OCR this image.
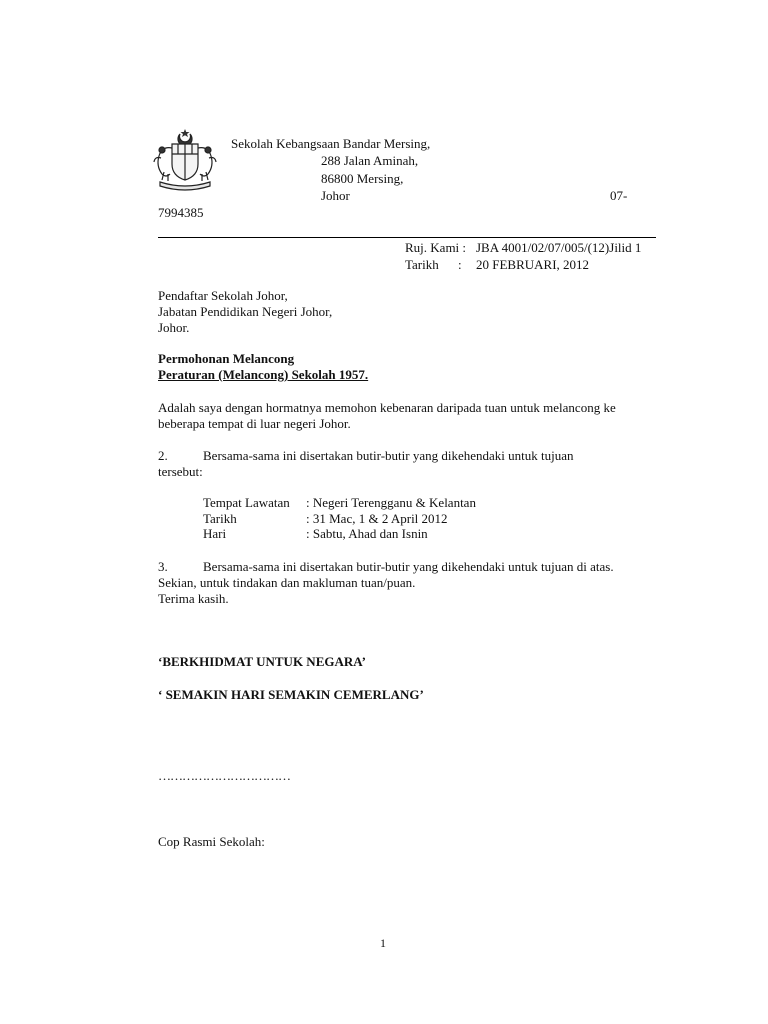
Sekolah Kebangsaan Bandar Mersing,
288 Jalan Aminah,
86800 Mersing,
Johor	07-
7994385
Ruj. Kami : JBA 4001/02/07/005/(12)Jilid 1
Tarikh : 20 FEBRUARI, 2012
Pendaftar Sekolah Johor,
Jabatan Pendidikan Negeri Johor,
Johor.
Permohonan Melancong
Peraturan (Melancong) Sekolah 1957.
Adalah saya dengan hormatnya memohon kebenaran daripada tuan untuk melancong ke
beberapa tempat di luar negeri Johor.
2.	Bersama-sama ini disertakan butir-butir yang dikehendaki untuk tujuan
tersebut:
Tempat Lawatan : Negeri Terengganu & Kelantan
Tarikh	: 31 Mac, 1 & 2 April 2012
Hari	: Sabtu, Ahad dan Isnin
3.	Bersama-sama ini disertakan butir-butir yang dikehendaki untuk tujuan di atas.
Sekian, untuk tindakan dan makluman tuan/puan.
Terima kasih.
‘BERKHIDMAT UNTUK NEGARA’
‘ SEMAKIN HARI SEMAKIN CEMERLANG’
……………………………
Cop Rasmi Sekolah:
1
